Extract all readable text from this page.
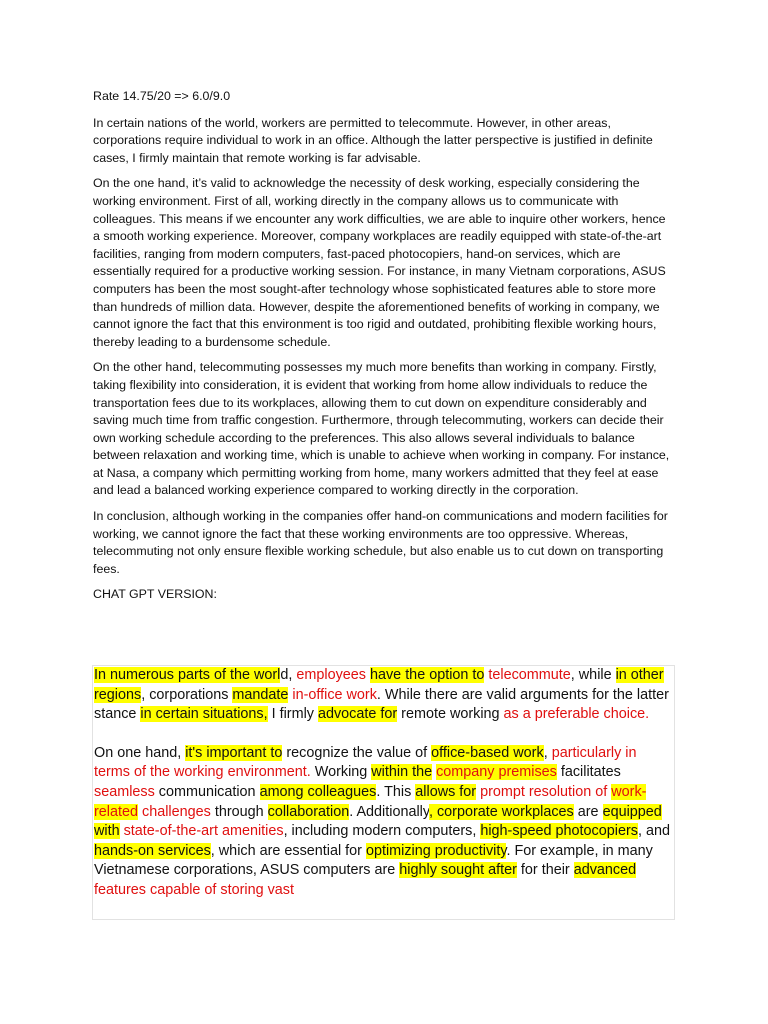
Rate 14.75/20 => 6.0/9.0

In certain nations of the world, workers are permitted to telecommute. However, in other areas, corporations require individual to work in an office. Although the latter perspective is justified in definite cases, I firmly maintain that remote working is far advisable.

On the one hand, it’s valid to acknowledge the necessity of desk working, especially considering the working environment. First of all, working directly in the company allows us to communicate with colleagues. This means if we encounter any work difficulties, we are able to inquire other workers, hence a smooth working experience. Moreover, company workplaces are readily equipped with state-of-the-art facilities, ranging from modern computers, fast-paced photocopiers, hand-on services, which are essentially required for a productive working session. For instance, in many Vietnam corporations, ASUS computers has been the most sought-after technology whose sophisticated features able to store more than hundreds of million data. However, despite the aforementioned benefits of working in company, we cannot ignore the fact that this environment is too rigid and outdated, prohibiting flexible working hours, thereby leading to a burdensome schedule.

On the other hand, telecommuting possesses my much more benefits than working in company. Firstly, taking flexibility into consideration, it is evident that working from home allow individuals to reduce the transportation fees due to its workplaces, allowing them to cut down on expenditure considerably and saving much time from traffic congestion. Furthermore, through telecommuting, workers can decide their own working schedule according to the preferences. This also allows several individuals to balance between relaxation and working time, which is unable to achieve when working in company. For instance, at Nasa, a company which permitting working from home, many workers admitted that they feel at ease and lead a balanced working experience compared to working directly in the corporation.

In conclusion, although working in the companies offer hand-on communications and modern facilities for working, we cannot ignore the fact that these working environments are too oppressive. Whereas, telecommuting not only ensure flexible working schedule, but also enable us to cut down on transporting fees.

CHAT GPT VERSION:

In numerous parts of the world, employees have the option to telecommute, while in other regions, corporations mandate in-office work. While there are valid arguments for the latter stance in certain situations, I firmly advocate for remote working as a preferable choice.

On one hand, it's important to recognize the value of office-based work, particularly in terms of the working environment. Working within the company premises facilitates seamless communication among colleagues. This allows for prompt resolution of work-related challenges through collaboration. Additionally, corporate workplaces are equipped with state-of-the-art amenities, including modern computers, high-speed photocopiers, and hands-on services, which are essential for optimizing productivity. For example, in many Vietnamese corporations, ASUS computers are highly sought after for their advanced features capable of storing vast
